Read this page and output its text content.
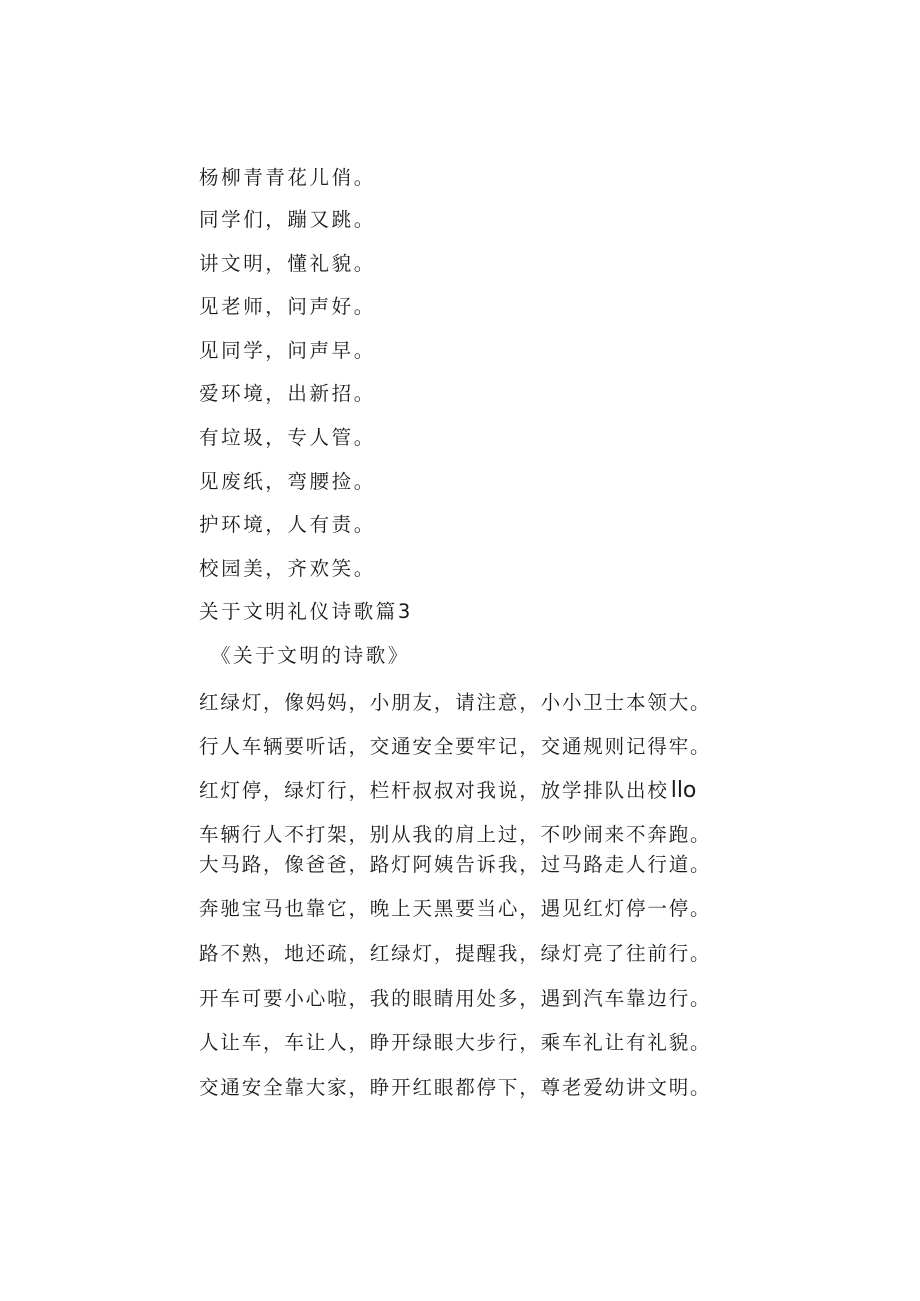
杨柳青青花儿俏。
同学们，蹦又跳。
讲文明，懂礼貌。
见老师，问声好。
见同学，问声早。
爱环境，出新招。
有垃圾，专人管。
见废纸，弯腰捡。
护环境，人有责。
校园美，齐欢笑。
关于文明礼仪诗歌篇3
《关于文明的诗歌》
红绿灯，像妈妈，小朋友，请注意，小小卫士本领大。
行人车辆要听话，交通安全要牢记，交通规则记得牢。
红灯停，绿灯行，栏杆叔叔对我说，放学排队出校llo
车辆行人不打架，别从我的肩上过，不吵闹来不奔跑。
大马路，像爸爸，路灯阿姨告诉我，过马路走人行道。
奔驰宝马也靠它，晚上天黑要当心，遇见红灯停一停。
路不熟，地还疏，红绿灯，提醒我，绿灯亮了往前行。
开车可要小心啦，我的眼睛用处多，遇到汽车靠边行。
人让车，车让人，睁开绿眼大步行，乘车礼让有礼貌。
交通安全靠大家，睁开红眼都停下，尊老爱幼讲文明。
